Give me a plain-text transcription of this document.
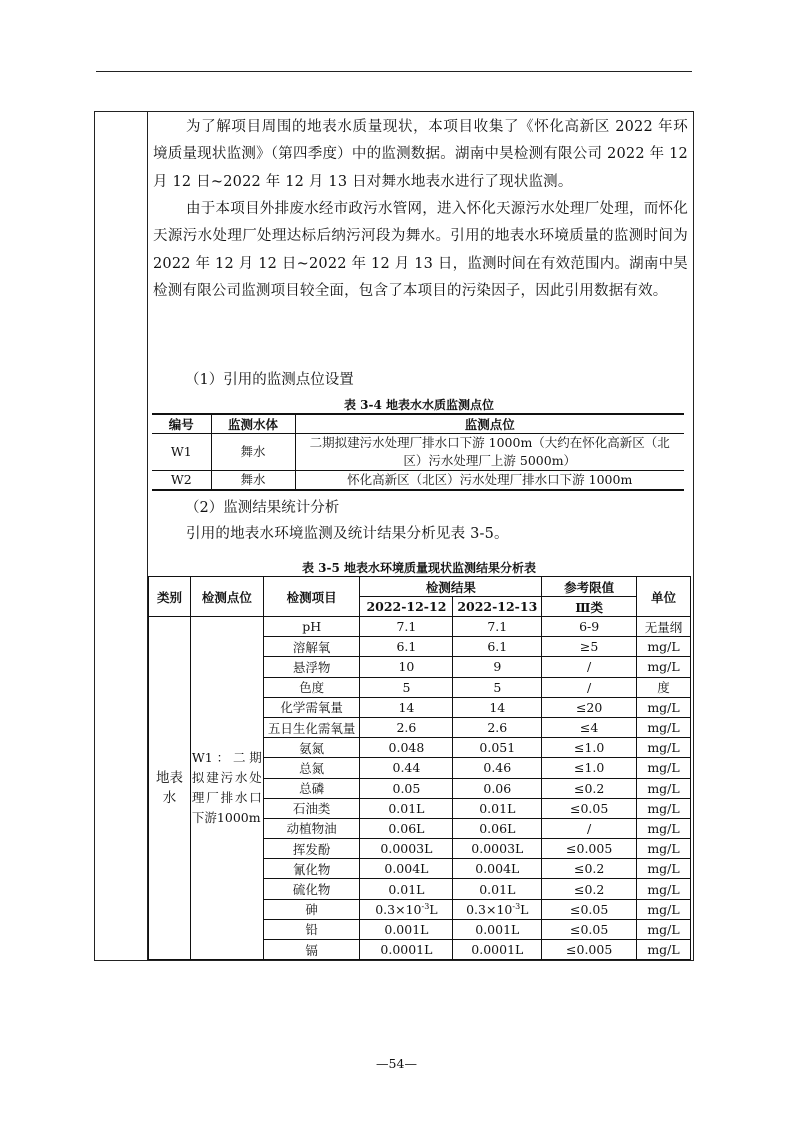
为了解项目周围的地表水质量现状，本项目收集了《怀化高新区 2022 年环境质量现状监测》（第四季度）中的监测数据。湖南中昊检测有限公司 2022 年 12 月 12 日~2022 年 12 月 13 日对舞水地表水进行了现状监测。

由于本项目外排废水经市政污水管网，进入怀化天源污水处理厂处理，而怀化天源污水处理厂处理达标后纳污河段为舞水。引用的地表水环境质量的监测时间为 2022 年 12 月 12 日~2022 年 12 月 13 日，监测时间在有效范围内。湖南中昊检测有限公司监测项目较全面，包含了本项目的污染因子，因此引用数据有效。

（1）引用的监测点位设置

表 3-4 地表水水质监测点位

编号	监测水体	监测点位
W1	舞水	二期拟建污水处理厂排水口下游 1000m（大约在怀化高新区（北区）污水处理厂上游 5000m）
W2	舞水	怀化高新区（北区）污水处理厂排水口下游 1000m

（2）监测结果统计分析

引用的地表水环境监测及统计结果分析见表 3-5。

表 3-5 地表水环境质量现状监测结果分析表

类别	检测点位	检测项目	检测结果		参考限值	单位
			2022-12-12	2022-12-13	Ⅲ类	
地表水	W1：二期拟建污水处理厂排水口下游1000m	pH	7.1	7.1	6-9	无量纲
		溶解氧	6.1	6.1	≥5	mg/L
		悬浮物	10	9	/	mg/L
		色度	5	5	/	度
		化学需氧量	14	14	≤20	mg/L
		五日生化需氧量	2.6	2.6	≤4	mg/L
		氨氮	0.048	0.051	≤1.0	mg/L
		总氮	0.44	0.46	≤1.0	mg/L
		总磷	0.05	0.06	≤0.2	mg/L
		石油类	0.01L	0.01L	≤0.05	mg/L
		动植物油	0.06L	0.06L	/	mg/L
		挥发酚	0.0003L	0.0003L	≤0.005	mg/L
		氰化物	0.004L	0.004L	≤0.2	mg/L
		硫化物	0.01L	0.01L	≤0.2	mg/L
		砷	$0.3\times 10^{-3}L$	$0.3\times 10^{-3}L$	≤0.05	mg/L
		铅	0.001L	0.001L	≤0.05	mg/L
		镉	0.0001L	0.0001L	≤0.005	mg/L
—54—
